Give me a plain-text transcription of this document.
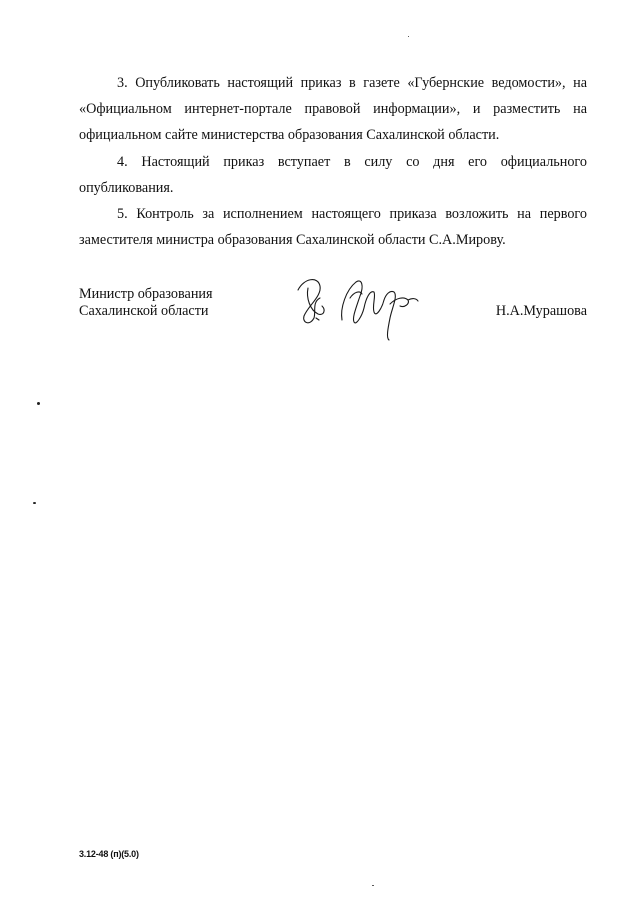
3. Опубликовать настоящий приказ в газете «Губернские ведомости», на «Официальном интернет-портале правовой информации», и разместить на официальном сайте министерства образования Сахалинской области.

4. Настоящий приказ вступает в силу со дня его официального опубликования.

5. Контроль за исполнением настоящего приказа возложить на первого заместителя министра образования Сахалинской области С.А.Мирову.

Министр образования
Сахалинской области	Н.А.Мурашова
3.12-48 (п)(5.0)
